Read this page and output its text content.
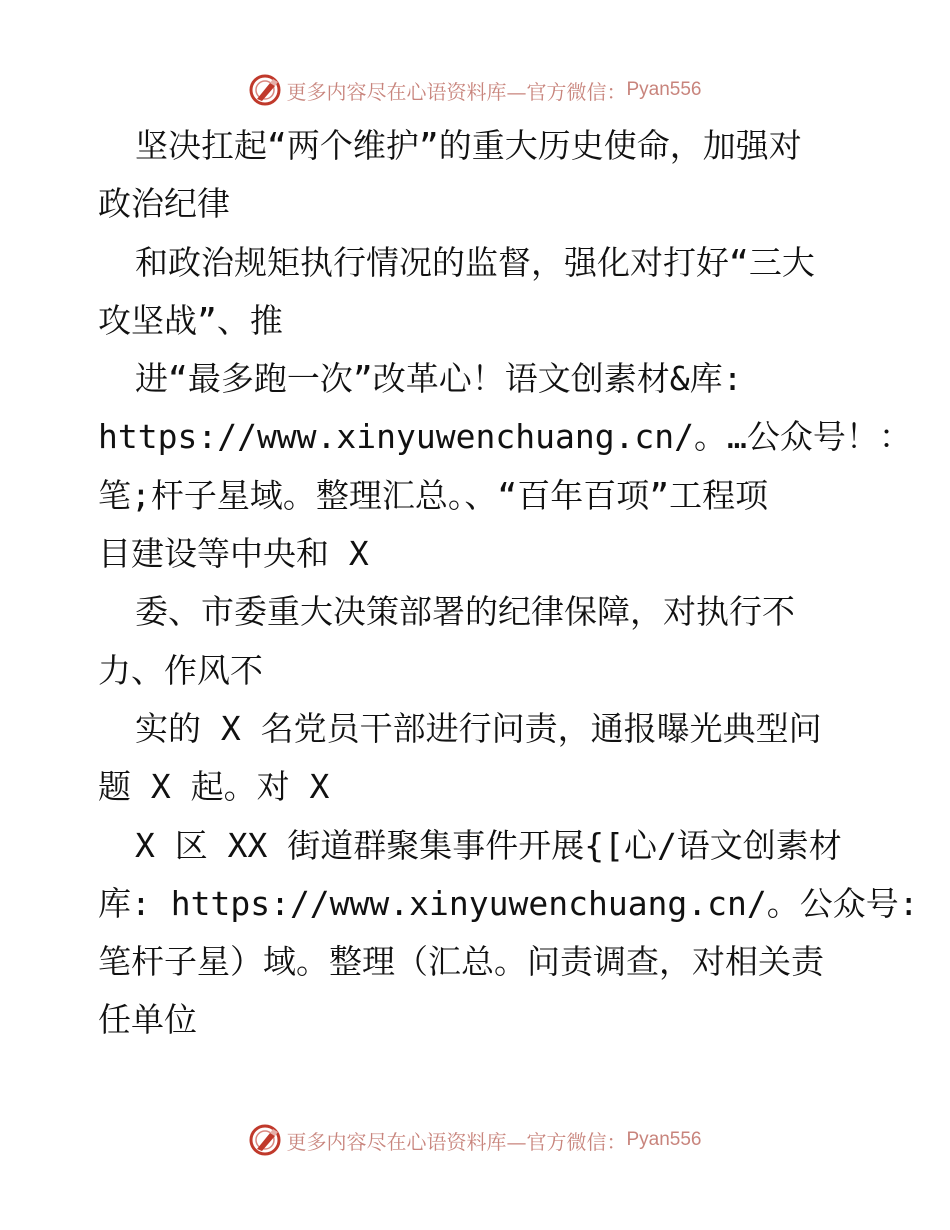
更多内容尽在心语资料库 —官方微信： Pyan556
坚决扛起“两个维护”的重大历史使命，加强对
政治纪律
和政治规矩执行情况的监督，强化对打好“三大
攻坚战”、推
进“最多跑一次”改革心！语文创素材&库:
https://www.xinyuwenchuang.cn/。…公众号！：
笔;杆子星域。整理汇总。、“百年百项”工程项
目建设等中央和 X
委、市委重大决策部署的纪律保障，对执行不
力、作风不
实的 X 名党员干部进行问责，通报曝光典型问
题 X 起。对 X
X 区 XX 街道群聚集事件开展{[心/语文创素材
库: https://www.xinyuwenchuang.cn/。公众号:
笔杆子星）域。整理（汇总。问责调查，对相关责
任单位
更多内容尽在心语资料库 —官方微信： Pyan556
